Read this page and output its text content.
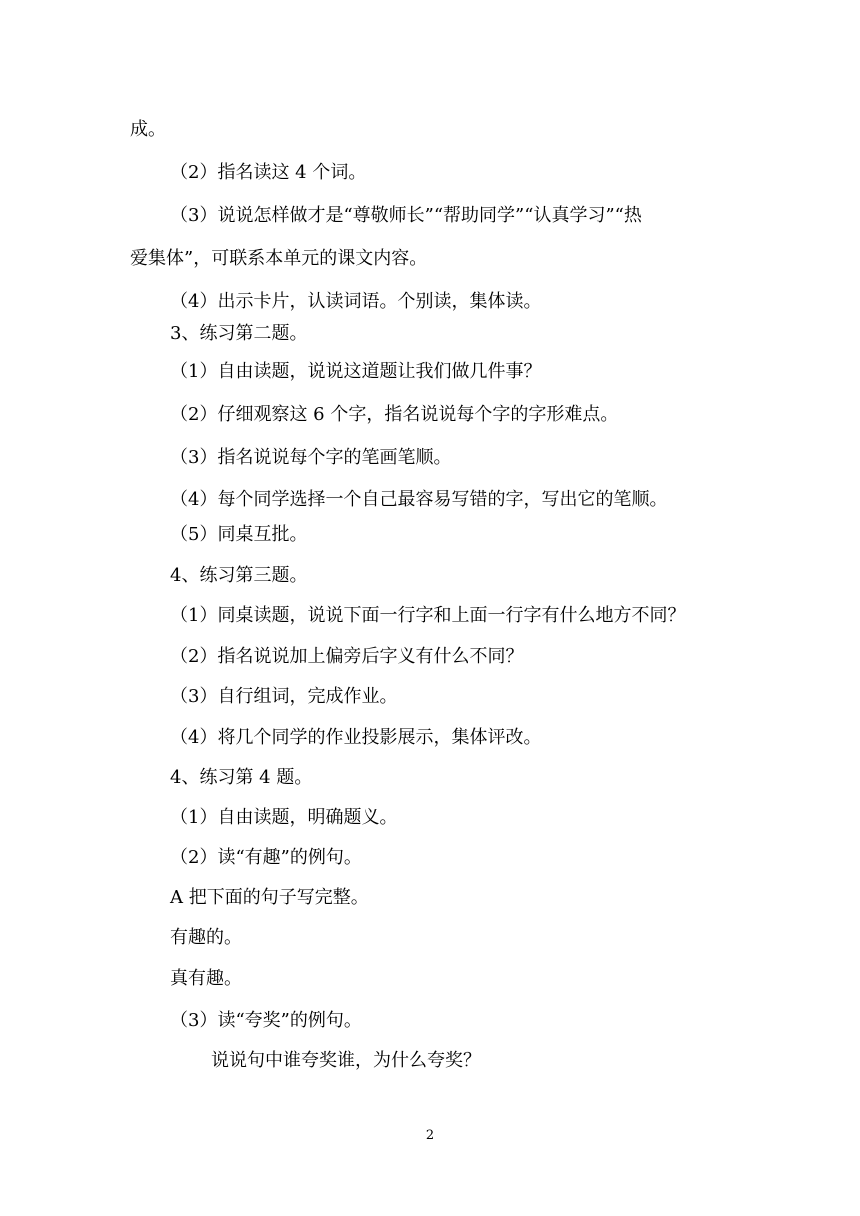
成。
（2）指名读这 4 个词。
（3）说说怎样做才是“尊敬师长”“帮助同学”“认真学习”“热
爱集体”，可联系本单元的课文内容。
（4）出示卡片，认读词语。个别读，集体读。
3、练习第二题。
（1）自由读题，说说这道题让我们做几件事？
（2）仔细观察这 6 个字，指名说说每个字的字形难点。
（3）指名说说每个字的笔画笔顺。
（4）每个同学选择一个自己最容易写错的字，写出它的笔顺。
（5）同桌互批。
4、练习第三题。
（1）同桌读题，说说下面一行字和上面一行字有什么地方不同？
（2）指名说说加上偏旁后字义有什么不同？
（3）自行组词，完成作业。
（4）将几个同学的作业投影展示，集体评改。
4、练习第 4 题。
（1）自由读题，明确题义。
（2）读“有趣”的例句。
A 把下面的句子写完整。
有趣的。
真有趣。
（3）读“夸奖”的例句。
说说句中谁夸奖谁，为什么夸奖？
2
